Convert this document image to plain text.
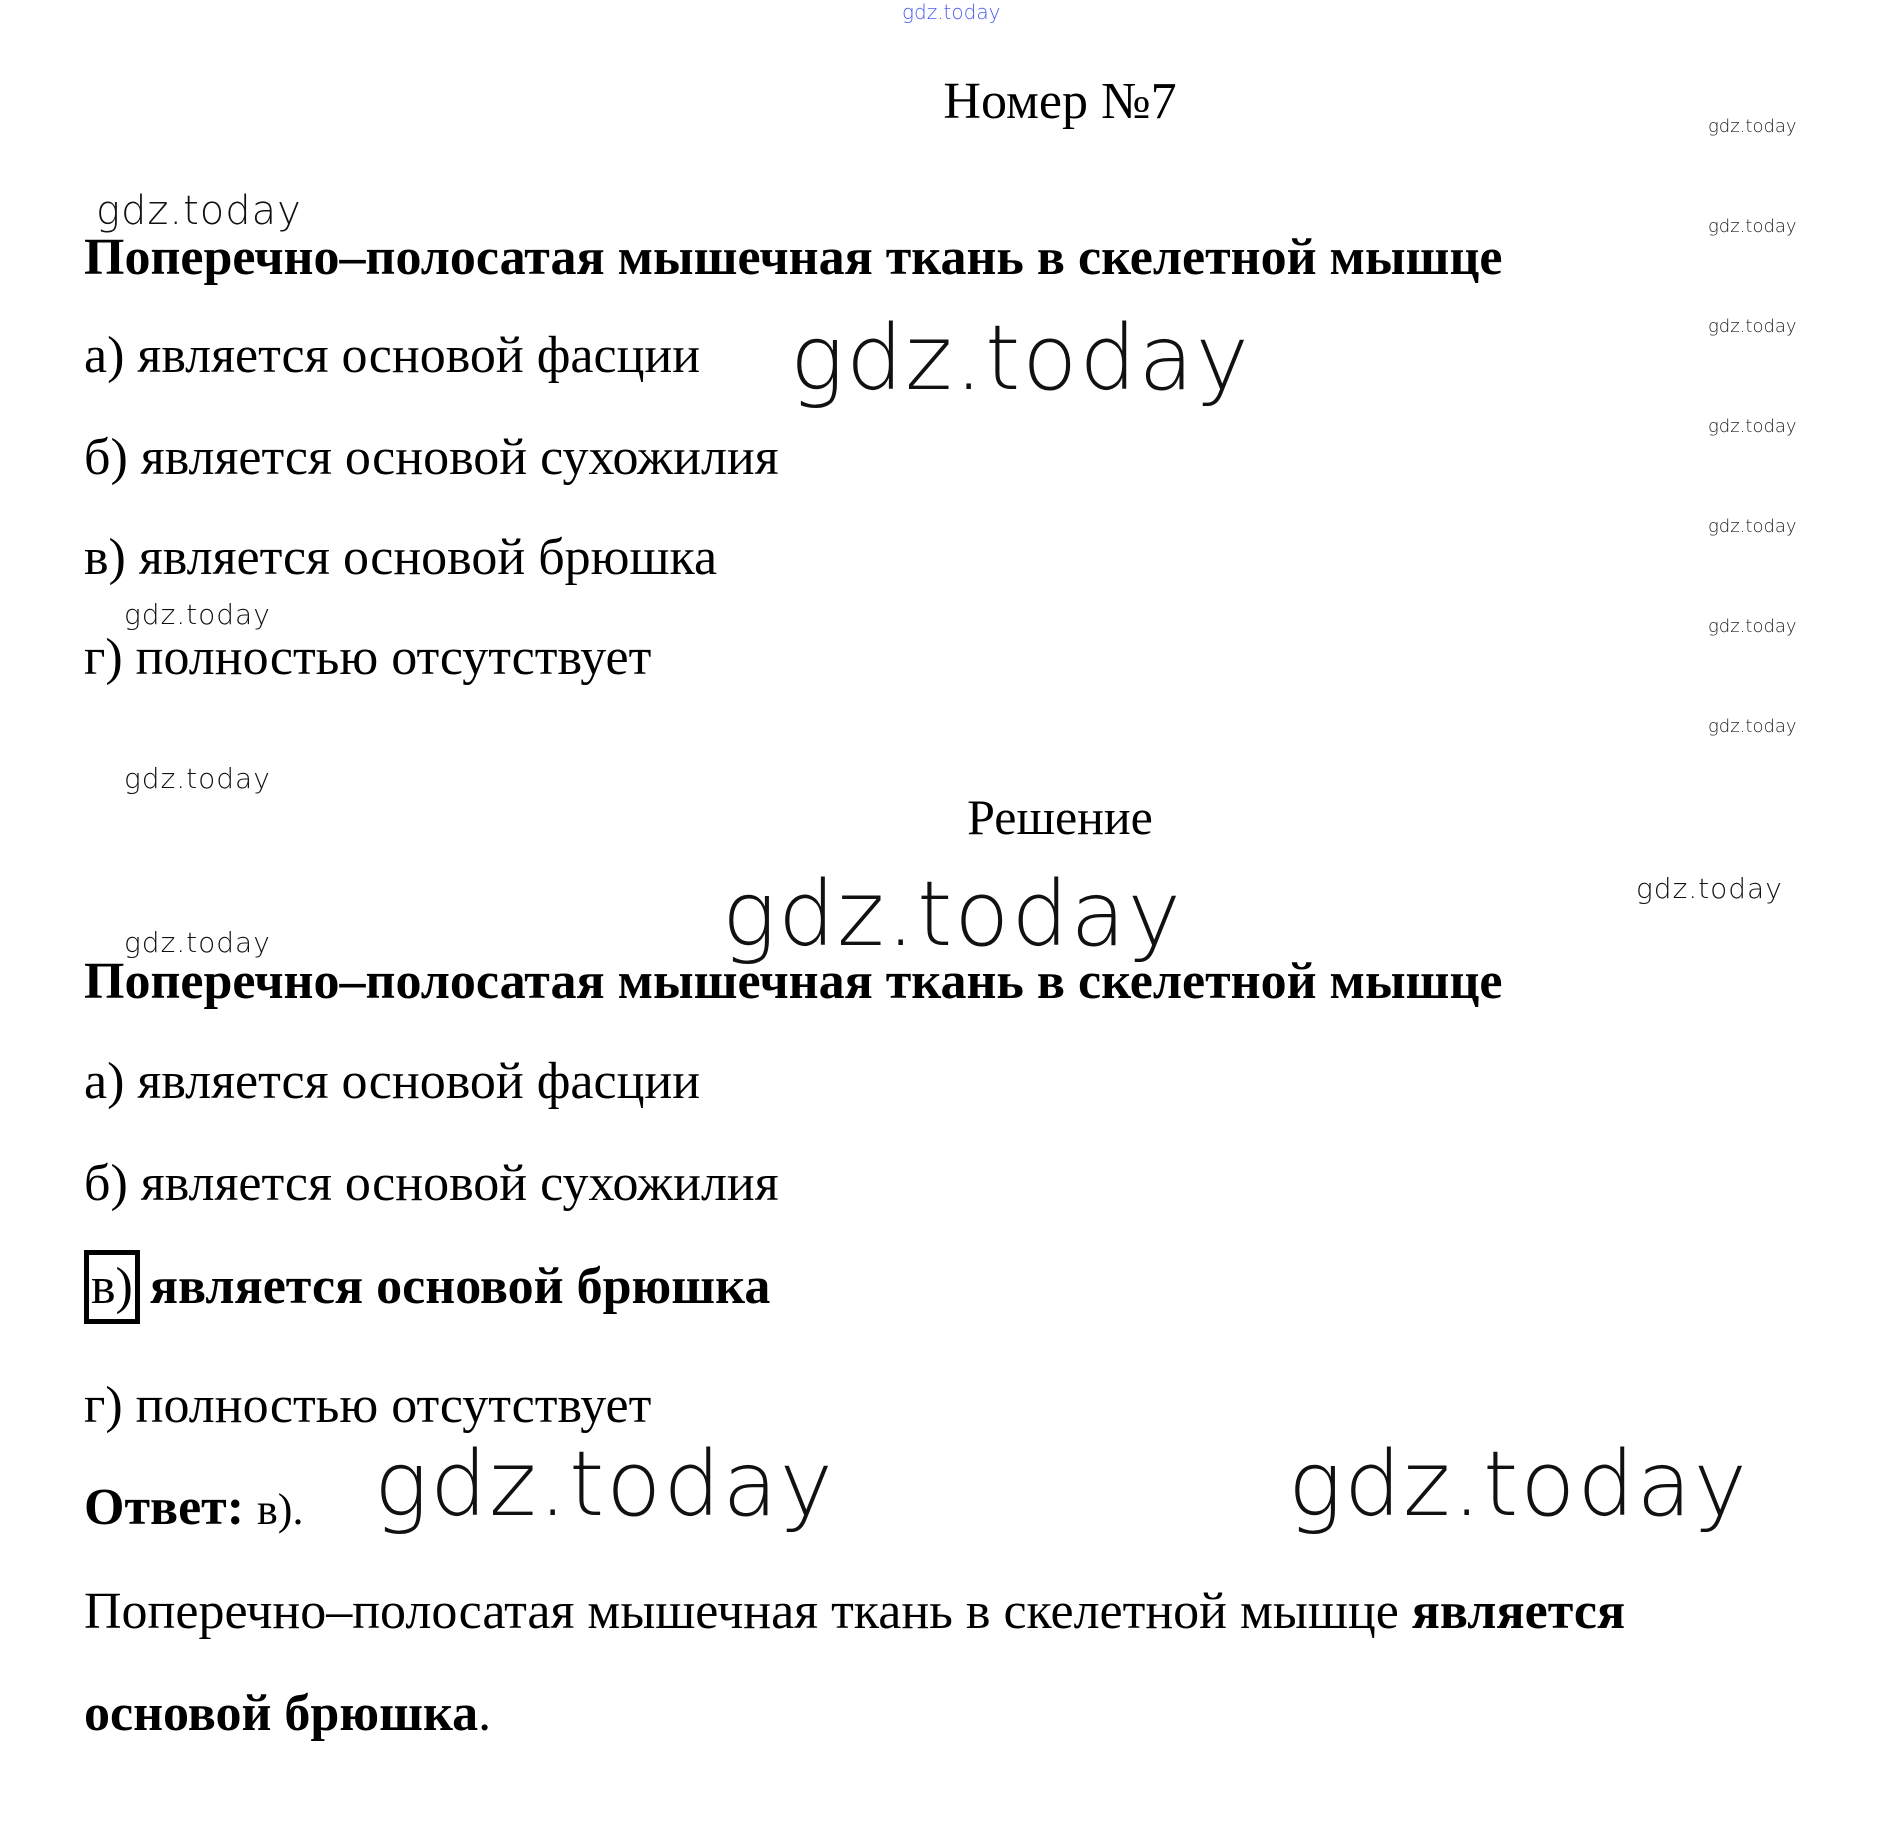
gdz.today
gdz.today
gdz.today
gdz.today
gdz.today
gdz.today
gdz.today
gdz.today
gdz.today
gdz.today
gdz.today
gdz.today
gdz.today
gdz.today
gdz.today
gdz.today	gdz.today
Номер №7
Поперечно–полосатая мышечная ткань в скелетной мышце
а) является основой фасции
б) является основой сухожилия
в) является основой брюшка
г) полностью отсутствует
Решение
Поперечно–полосатая мышечная ткань в скелетной мышце
а) является основой фасции
б) является основой сухожилия
в) является основой брюшка
г) полностью отсутствует
Ответ: в).
Поперечно–полосатая мышечная ткань в скелетной мышце является
основой брюшка.
